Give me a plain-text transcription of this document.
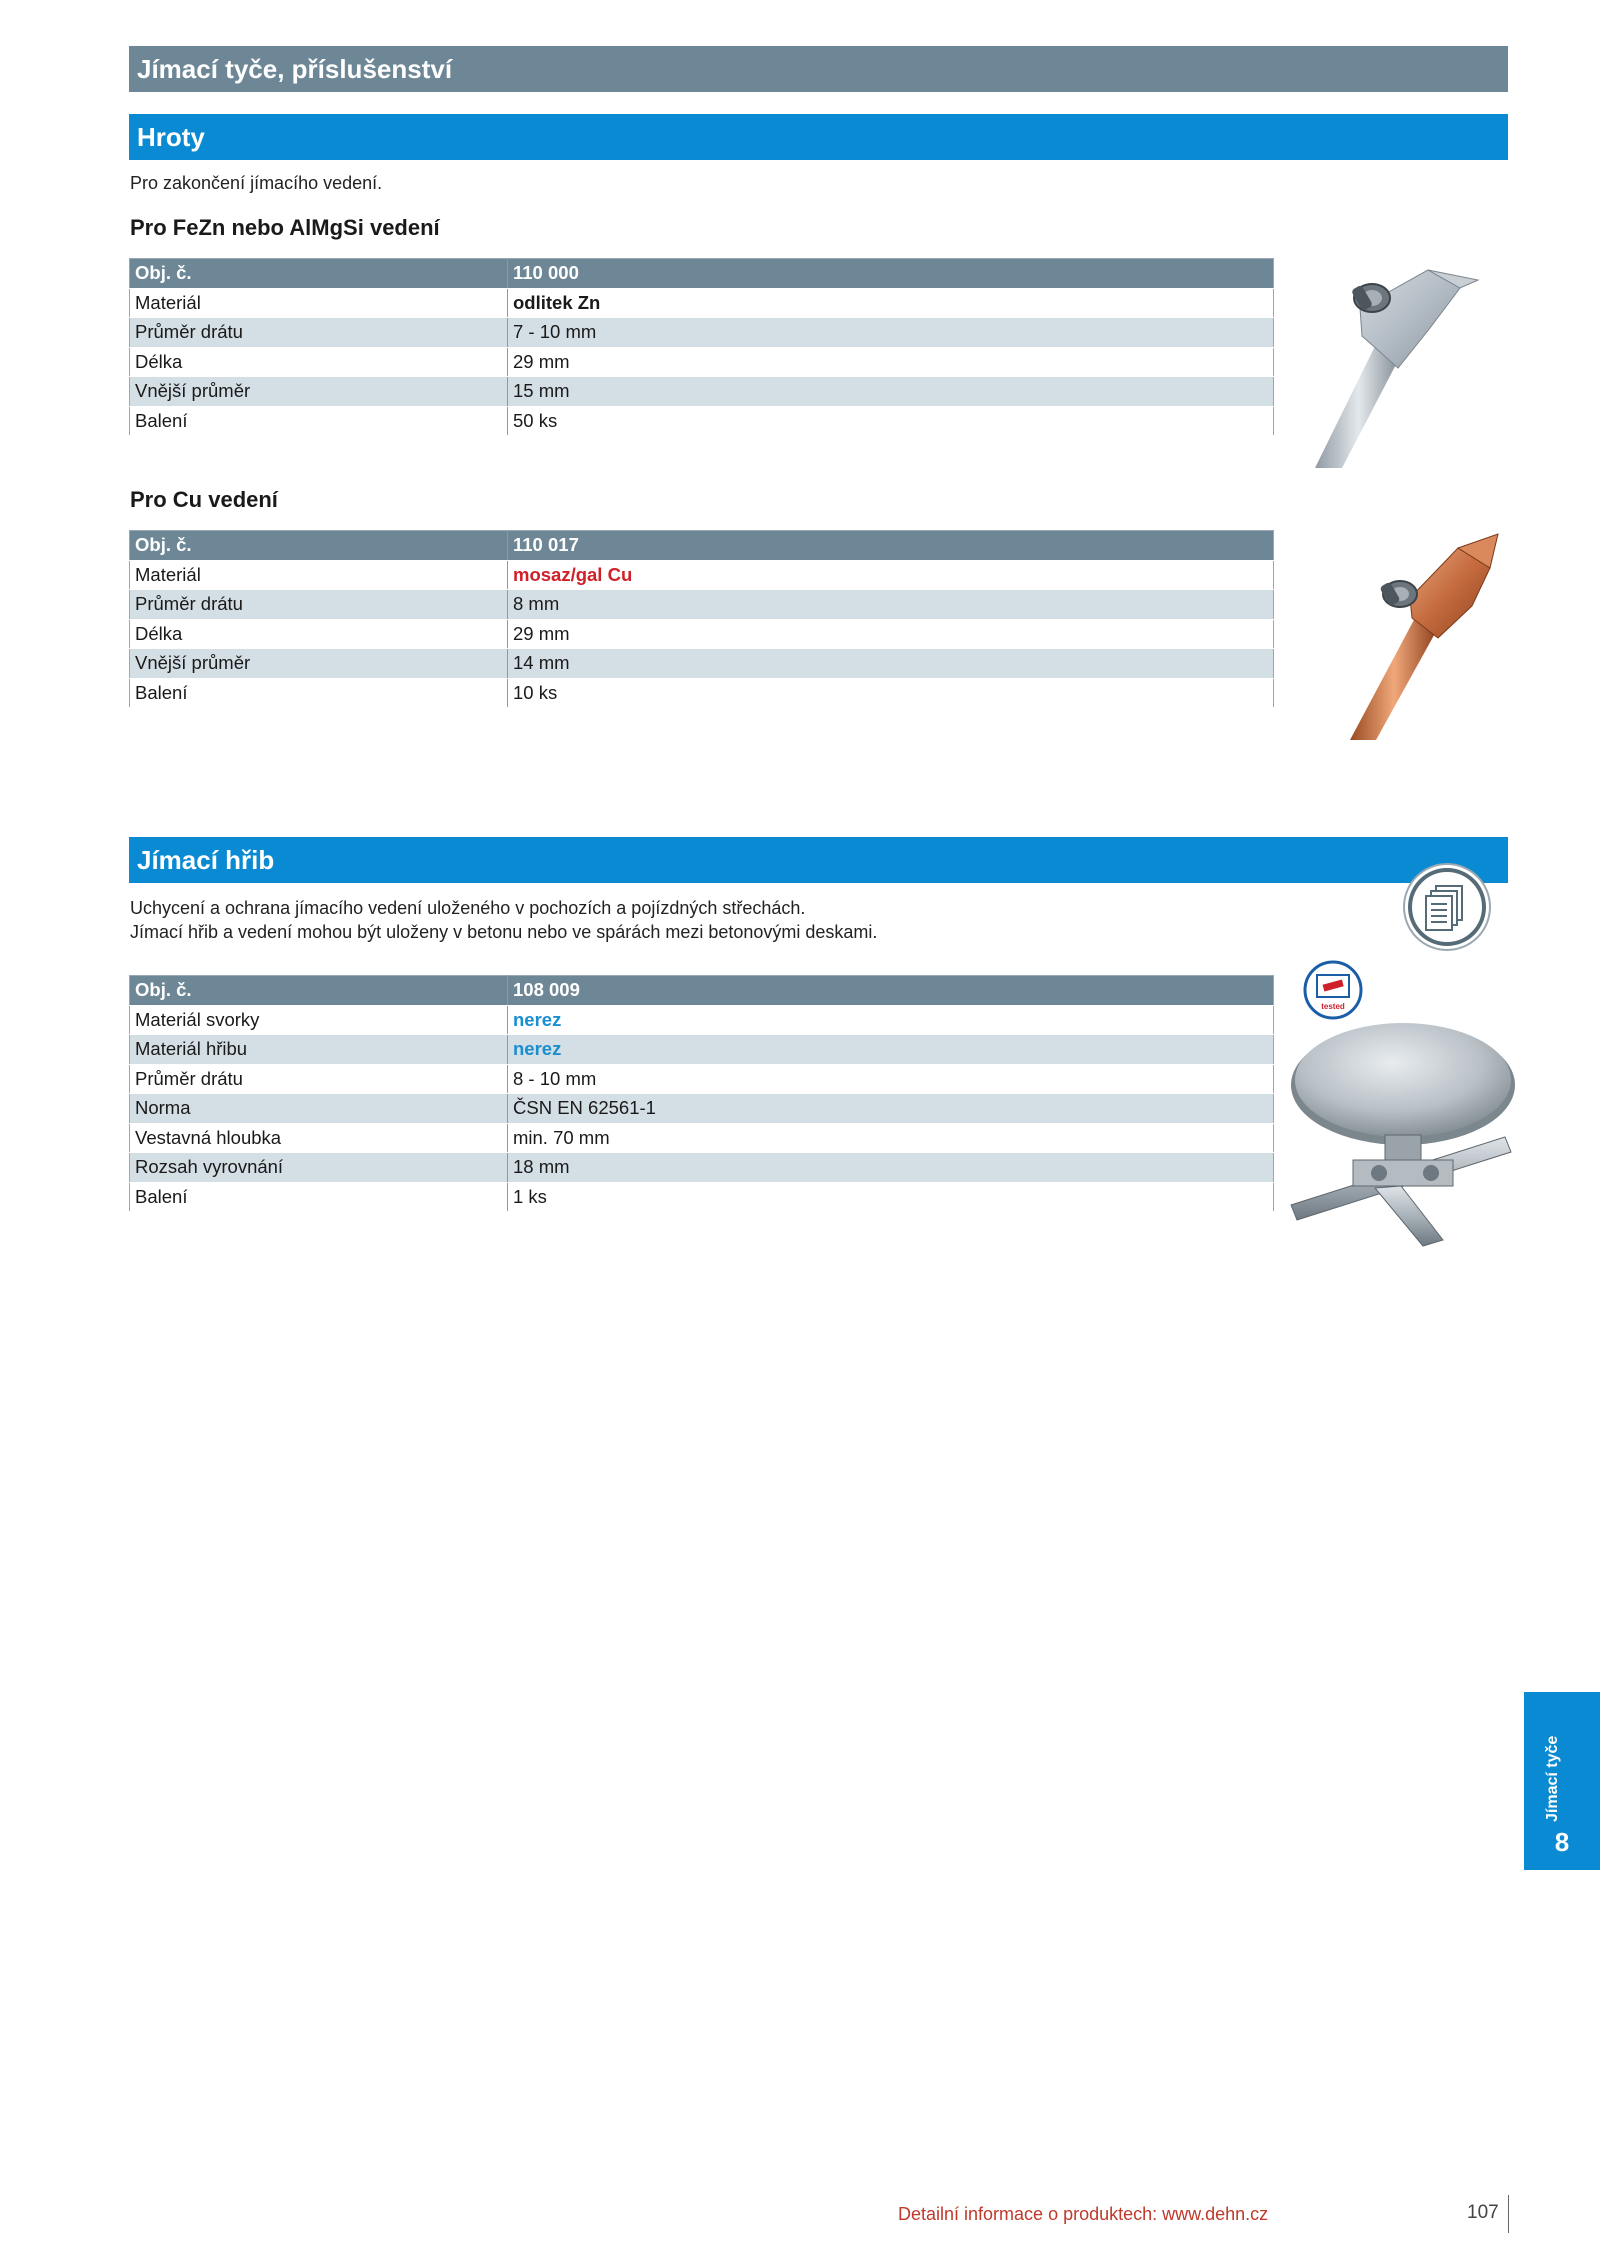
Jímací tyče, příslušenství
Hroty
Pro zakončení jímacího vedení.
Pro FeZn nebo AlMgSi vedení
Obj. č.	110 000
Materiál	odlitek Zn
Průměr drátu	7 - 10 mm
Délka	29 mm
Vnější průměr	15 mm
Balení	50 ks
Pro Cu vedení
Obj. č.	110 017
Materiál	mosaz/gal Cu
Průměr drátu	8 mm
Délka	29 mm
Vnější průměr	14 mm
Balení	10 ks
Jímací hřib
Uchycení a ochrana jímacího vedení uloženého v pochozích a pojízdných střechách.
Jímací hřib a vedení mohou být uloženy v betonu nebo ve spárách mezi betonovými deskami.
Obj. č.	108 009
Materiál svorky	nerez
Materiál hřibu	nerez
Průměr drátu	8 - 10 mm
Norma	ČSN EN 62561-1
Vestavná hloubka	min. 70 mm
Rozsah vyrovnání	18 mm
Balení	1 ks
tested
Jímací tyče
8
Detailní informace o produktech: www.dehn.cz	107
